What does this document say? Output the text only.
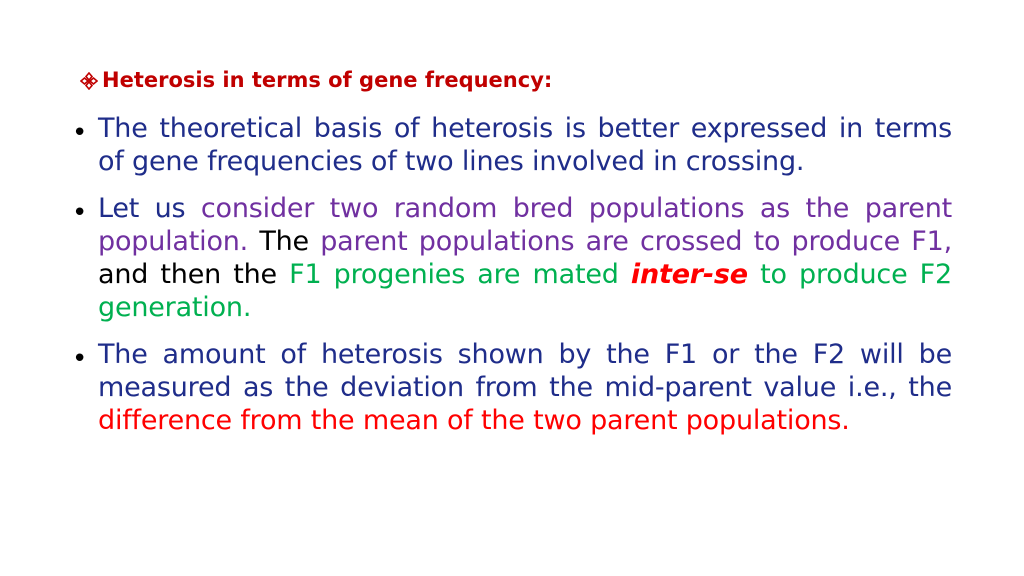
Heterosis in terms of gene frequency:
• The theoretical basis of heterosis is better expressed in terms of gene frequencies of two lines involved in crossing.
• Let us consider two random bred populations as the parent population. The parent populations are crossed to produce F1, and then the F1 progenies are mated inter-se to produce F2 generation.
• The amount of heterosis shown by the F1 or the F2 will be measured as the deviation from the mid-parent value i.e., the difference from the mean of the two parent populations.
